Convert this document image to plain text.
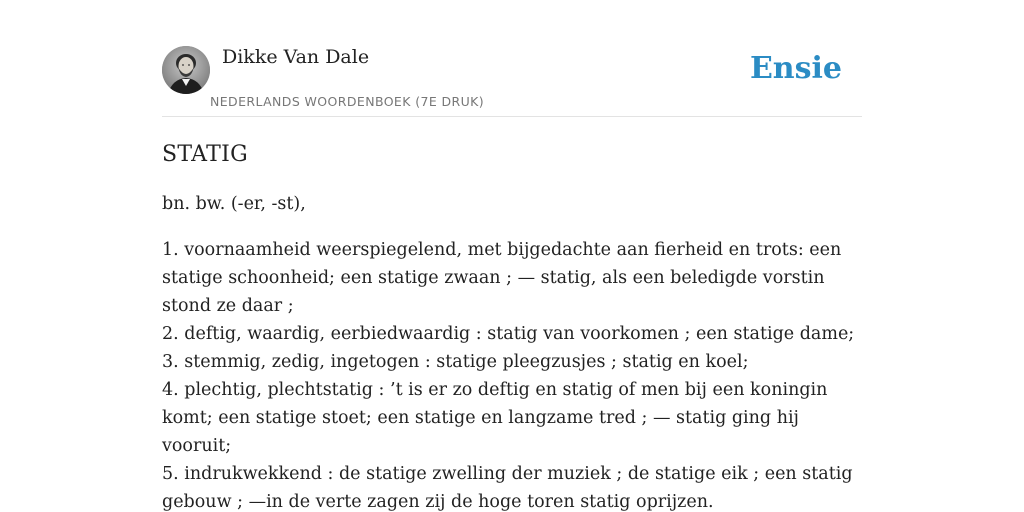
Dikke Van Dale
NEDERLANDS WOORDENBOEK (7E DRUK)
Ensie
STATIG
bn. bw. (-er, -st),
1. voornaamheid weerspiegelend, met bijgedachte aan fierheid en trots: een statige schoonheid; een statige zwaan ; — statig, als een beledigde vorstin stond ze daar ;
2. deftig, waardig, eerbiedwaardig : statig van voorkomen ; een statige dame;
3. stemmig, zedig, ingetogen : statige pleegzusjes ; statig en koel;
4. plechtig, plechtstatig : ’t is er zo deftig en statig of men bij een koningin komt; een statige stoet; een statige en langzame tred ; — statig ging hij vooruit;
5. indrukwekkend : de statige zwelling der muziek ; de statige eik ; een statig gebouw ; —in de verte zagen zij de hoge toren statig oprijzen.
